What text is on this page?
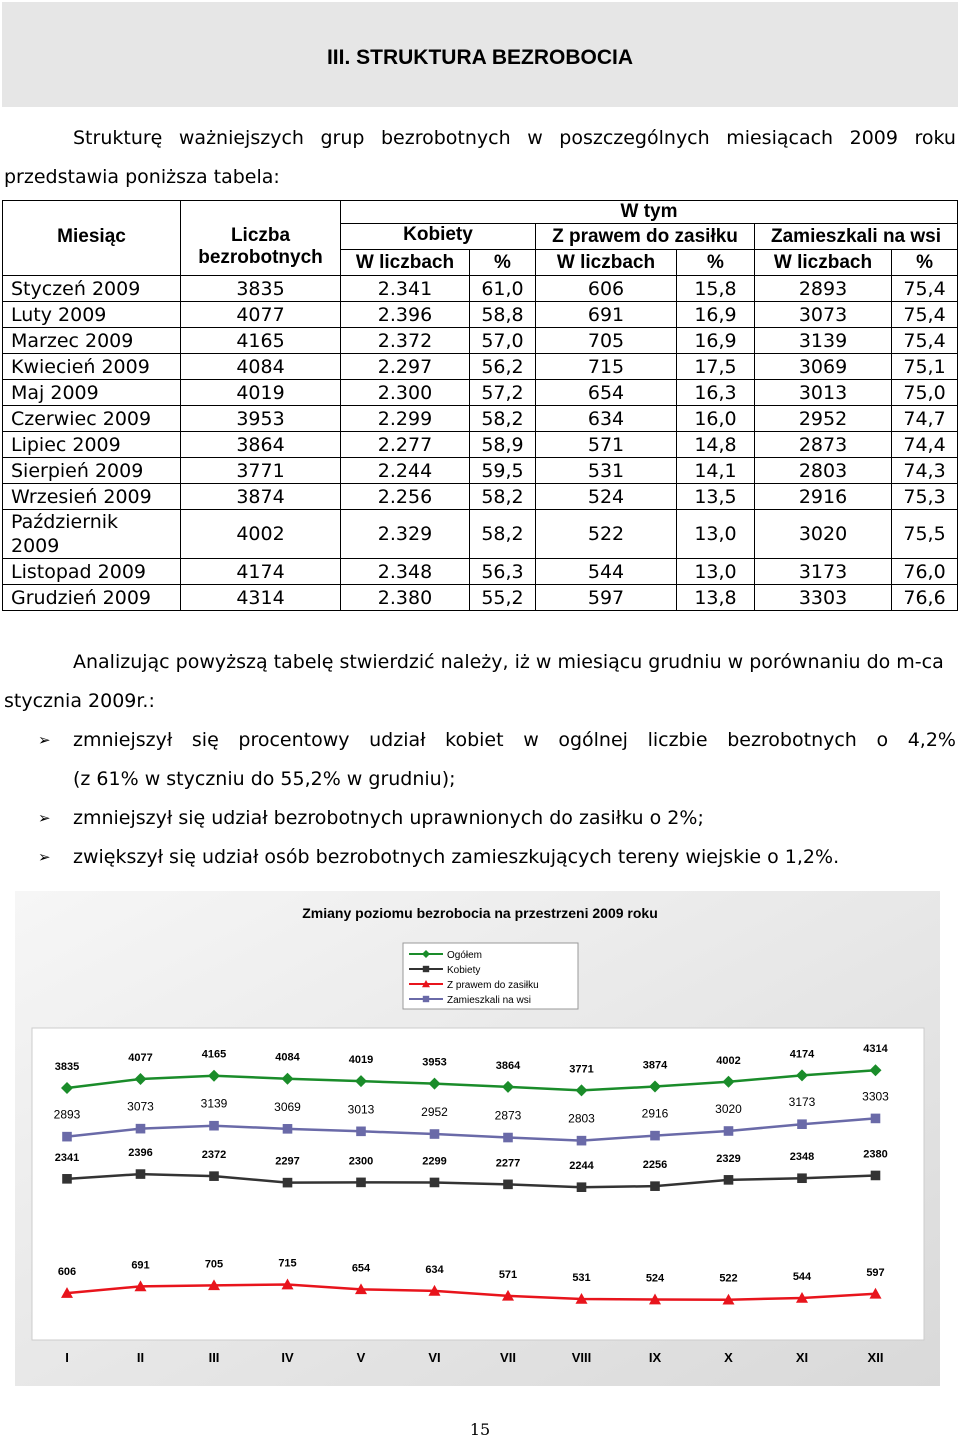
III. STRUKTURA BEZROBOCIA
Strukturę ważniejszych grup bezrobotnych w poszczególnych miesiącach 2009 roku
przedstawia poniższa tabela:
Miesiąc	Liczba bezrobotnych	W tym					
		Kobiety		Z prawem do zasiłku		Zamieszkali na wsi	
		W liczbach	%	W liczbach	%	W liczbach	%
Styczeń 2009	3835	2.341	61,0	606	15,8	2893	75,4
Luty 2009	4077	2.396	58,8	691	16,9	3073	75,4
Marzec 2009	4165	2.372	57,0	705	16,9	3139	75,4
Kwiecień 2009	4084	2.297	56,2	715	17,5	3069	75,1
Maj 2009	4019	2.300	57,2	654	16,3	3013	75,0
Czerwiec 2009	3953	2.299	58,2	634	16,0	2952	74,7
Lipiec 2009	3864	2.277	58,9	571	14,8	2873	74,4
Sierpień 2009	3771	2.244	59,5	531	14,1	2803	74,3
Wrzesień 2009	3874	2.256	58,2	524	13,5	2916	75,3
Październik 2009	4002	2.329	58,2	522	13,0	3020	75,5
Listopad 2009	4174	2.348	56,3	544	13,0	3173	76,0
Grudzień 2009	4314	2.380	55,2	597	13,8	3303	76,6
Analizując powyższą tabelę stwierdzić należy, iż w miesiącu grudniu w porównaniu do m-ca
stycznia 2009r.:
➢ zmniejszył się procentowy udział kobiet w ogólnej liczbie bezrobotnych o 4,2%
(z 61% w styczniu do 55,2% w grudniu);
➢ zmniejszył się udział bezrobotnych uprawnionych do zasiłku o 2%;
➢ zwiększył się udział osób bezrobotnych zamieszkujących tereny wiejskie o 1,2%.
Zmiany poziomu bezrobocia na przestrzeni 2009 roku
Ogółem
Kobiety
Z prawem do zasiłku
Zamieszkali na wsi
3835
4077	4165	4084	4019	3953	3864	3771	3874	4002
4174	4314
2341	2396	2372
2297	2300	2299	2277	2244	2256
2329	2348	2380
606
691	705	715	654	634	571	531	524	522	544	597
2893
3073	3139	3069	3013	2952	2873	2803	2916	3020	3173	3303
I	II	III	IV	V	VI	VII	VIII	IX	X	XI	XII
15
